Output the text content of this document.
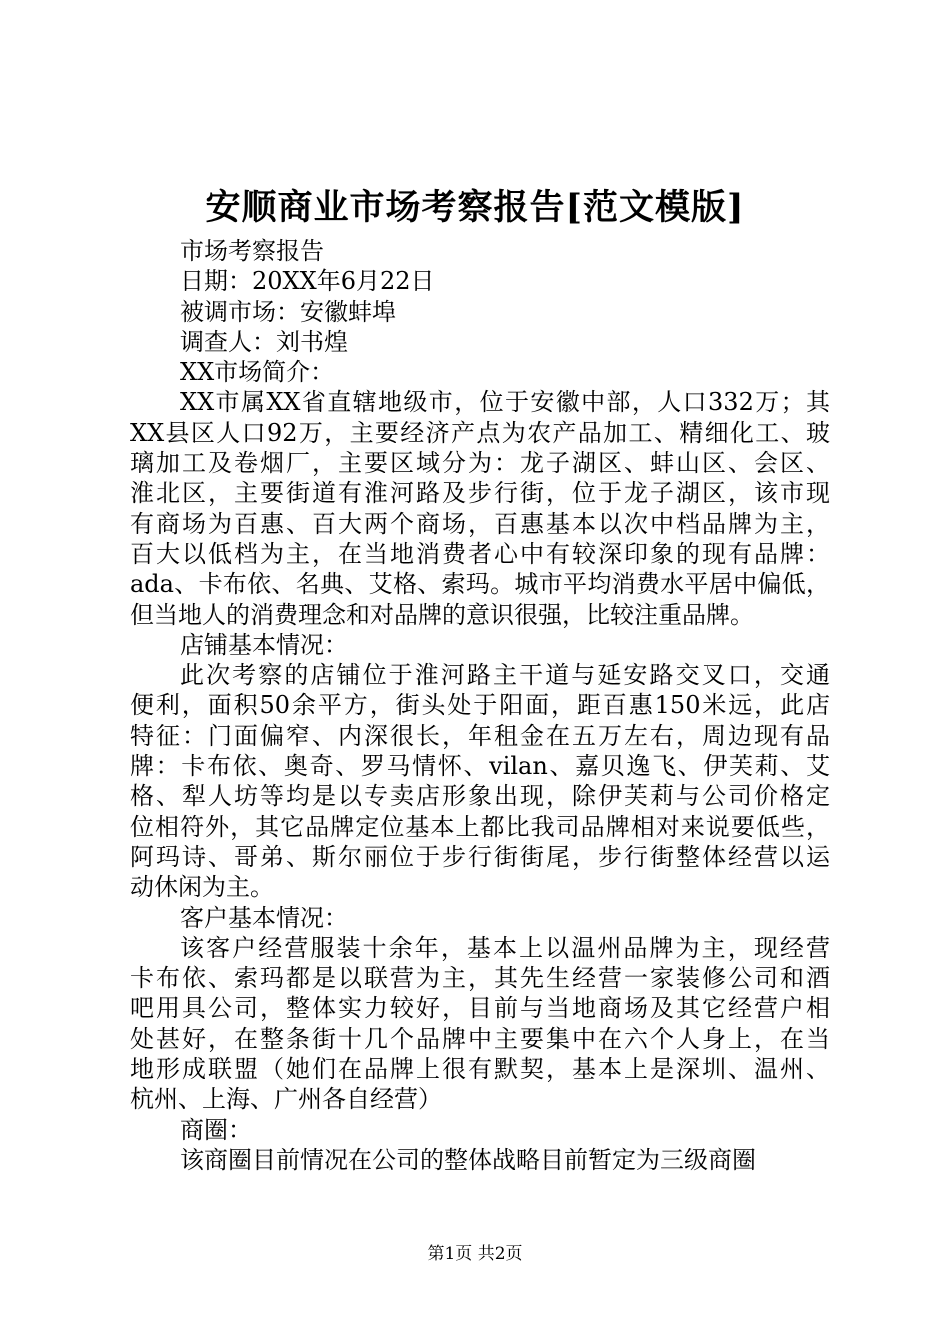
安顺商业市场考察报告[范文模版]
市场考察报告
日期：20XX年6月22日
被调市场：安徽蚌埠
调查人：刘书煌
XX市场简介：
XX市属XX省直辖地级市，位于安徽中部，人口332万；其
XX县区人口92万，主要经济产点为农产品加工、精细化工、玻
璃加工及卷烟厂，主要区域分为：龙子湖区、蚌山区、会区、
淮北区，主要街道有淮河路及步行街，位于龙子湖区，该市现
有商场为百惠、百大两个商场，百惠基本以次中档品牌为主，
百大以低档为主，在当地消费者心中有较深印象的现有品牌：
ada、卡布依、名典、艾格、索玛。城市平均消费水平居中偏低，
但当地人的消费理念和对品牌的意识很强，比较注重品牌。
店铺基本情况：
此次考察的店铺位于淮河路主干道与延安路交叉口，交通
便利，面积50余平方，街头处于阳面，距百惠150米远，此店
特征：门面偏窄、内深很长，年租金在五万左右，周边现有品
牌：卡布依、奥奇、罗马情怀、vilan、嘉贝逸飞、伊芙莉、艾
格、犁人坊等均是以专卖店形象出现，除伊芙莉与公司价格定
位相符外，其它品牌定位基本上都比我司品牌相对来说要低些，
阿玛诗、哥弟、斯尔丽位于步行街街尾，步行街整体经营以运
动休闲为主。
客户基本情况：
该客户经营服装十余年，基本上以温州品牌为主，现经营
卡布依、索玛都是以联营为主，其先生经营一家装修公司和酒
吧用具公司，整体实力较好，目前与当地商场及其它经营户相
处甚好，在整条街十几个品牌中主要集中在六个人身上，在当
地形成联盟（她们在品牌上很有默契，基本上是深圳、温州、
杭州、上海、广州各自经营）
商圈：
该商圈目前情况在公司的整体战略目前暂定为三级商圈
第1页 共2页
